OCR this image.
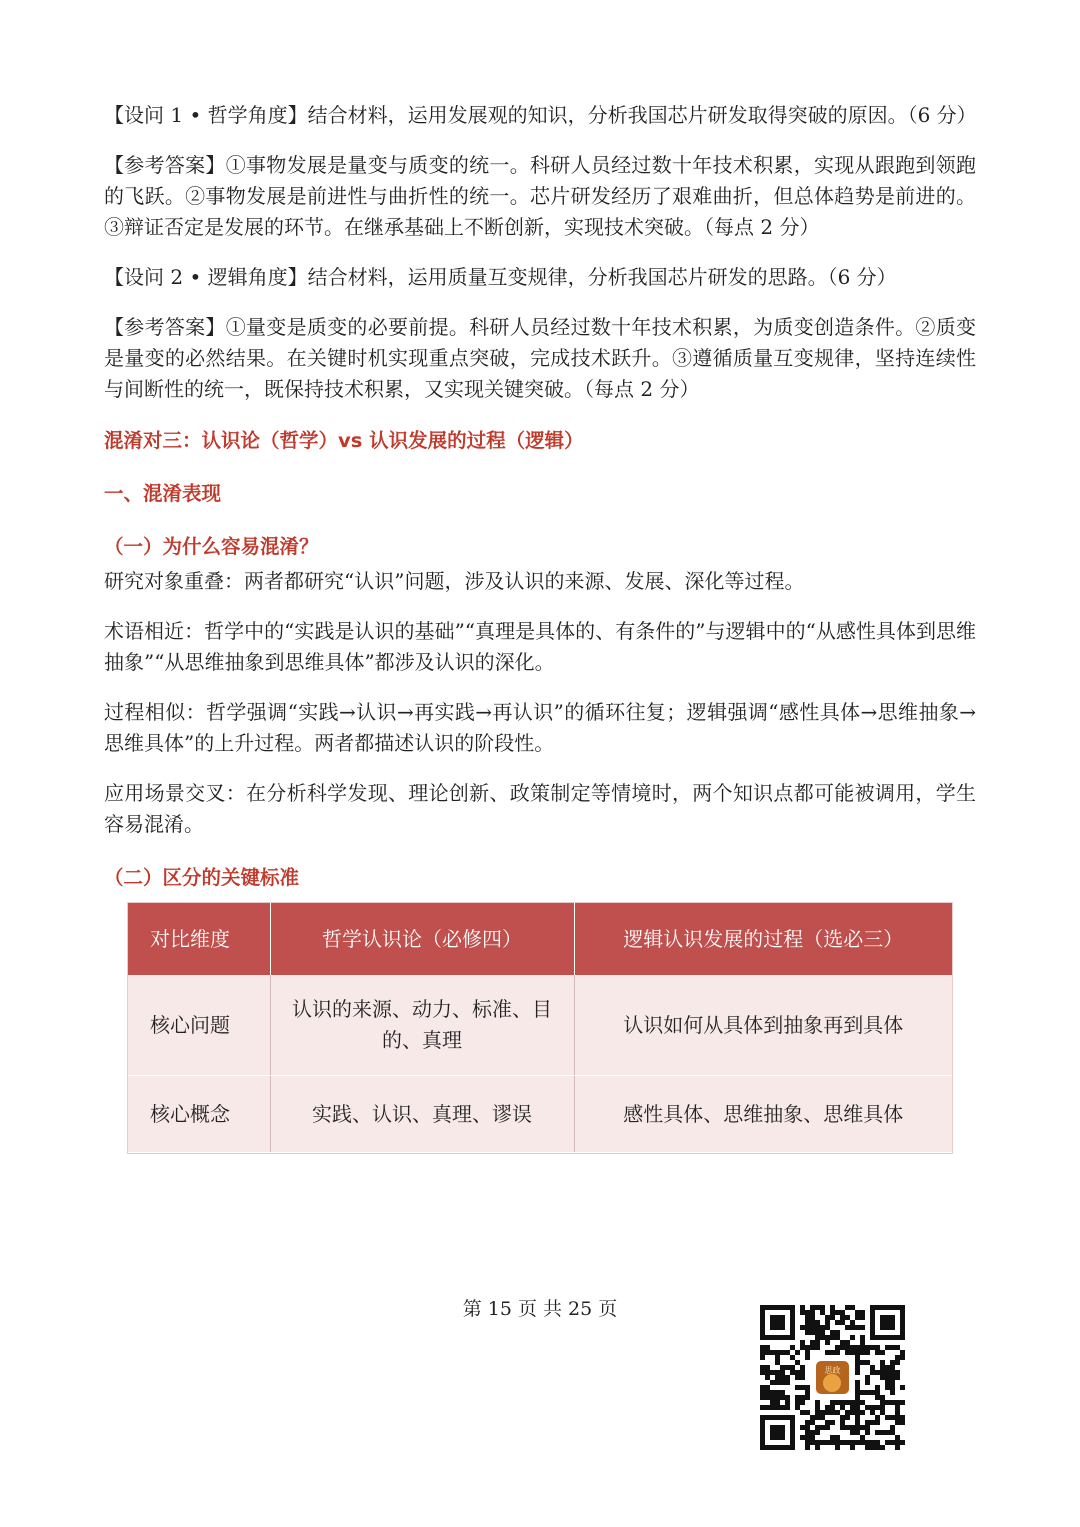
【设问 1 • 哲学角度】结合材料，运用发展观的知识，分析我国芯片研发取得突破的原因。（6 分）

【参考答案】①事物发展是量变与质变的统一。科研人员经过数十年技术积累，实现从跟跑到领跑的飞跃。②事物发展是前进性与曲折性的统一。芯片研发经历了艰难曲折，但总体趋势是前进的。③辩证否定是发展的环节。在继承基础上不断创新，实现技术突破。（每点 2 分）

【设问 2 • 逻辑角度】结合材料，运用质量互变规律，分析我国芯片研发的思路。（6 分）

【参考答案】①量变是质变的必要前提。科研人员经过数十年技术积累，为质变创造条件。②质变是量变的必然结果。在关键时机实现重点突破，完成技术跃升。③遵循质量互变规律，坚持连续性与间断性的统一，既保持技术积累，又实现关键突破。（每点 2 分）

混淆对三：认识论（哲学）vs 认识发展的过程（逻辑）
一、混淆表现
（一）为什么容易混淆？

研究对象重叠：两者都研究“认识”问题，涉及认识的来源、发展、深化等过程。

术语相近：哲学中的“实践是认识的基础”“真理是具体的、有条件的”与逻辑中的“从感性具体到思维抽象”“从思维抽象到思维具体”都涉及认识的深化。

过程相似：哲学强调“实践→认识→再实践→再认识”的循环往复；逻辑强调“感性具体→思维抽象→思维具体”的上升过程。两者都描述认识的阶段性。

应用场景交叉：在分析科学发现、理论创新、政策制定等情境时，两个知识点都可能被调用，学生容易混淆。

（二）区分的关键标准
对比维度	哲学认识论（必修四）	逻辑认识发展的过程（选必三）
核心问题	认识的来源、动力、标准、目的、真理	认识如何从具体到抽象再到具体
核心概念	实践、认识、真理、谬误	感性具体、思维抽象、思维具体
第 15 页 共 25 页
思政
